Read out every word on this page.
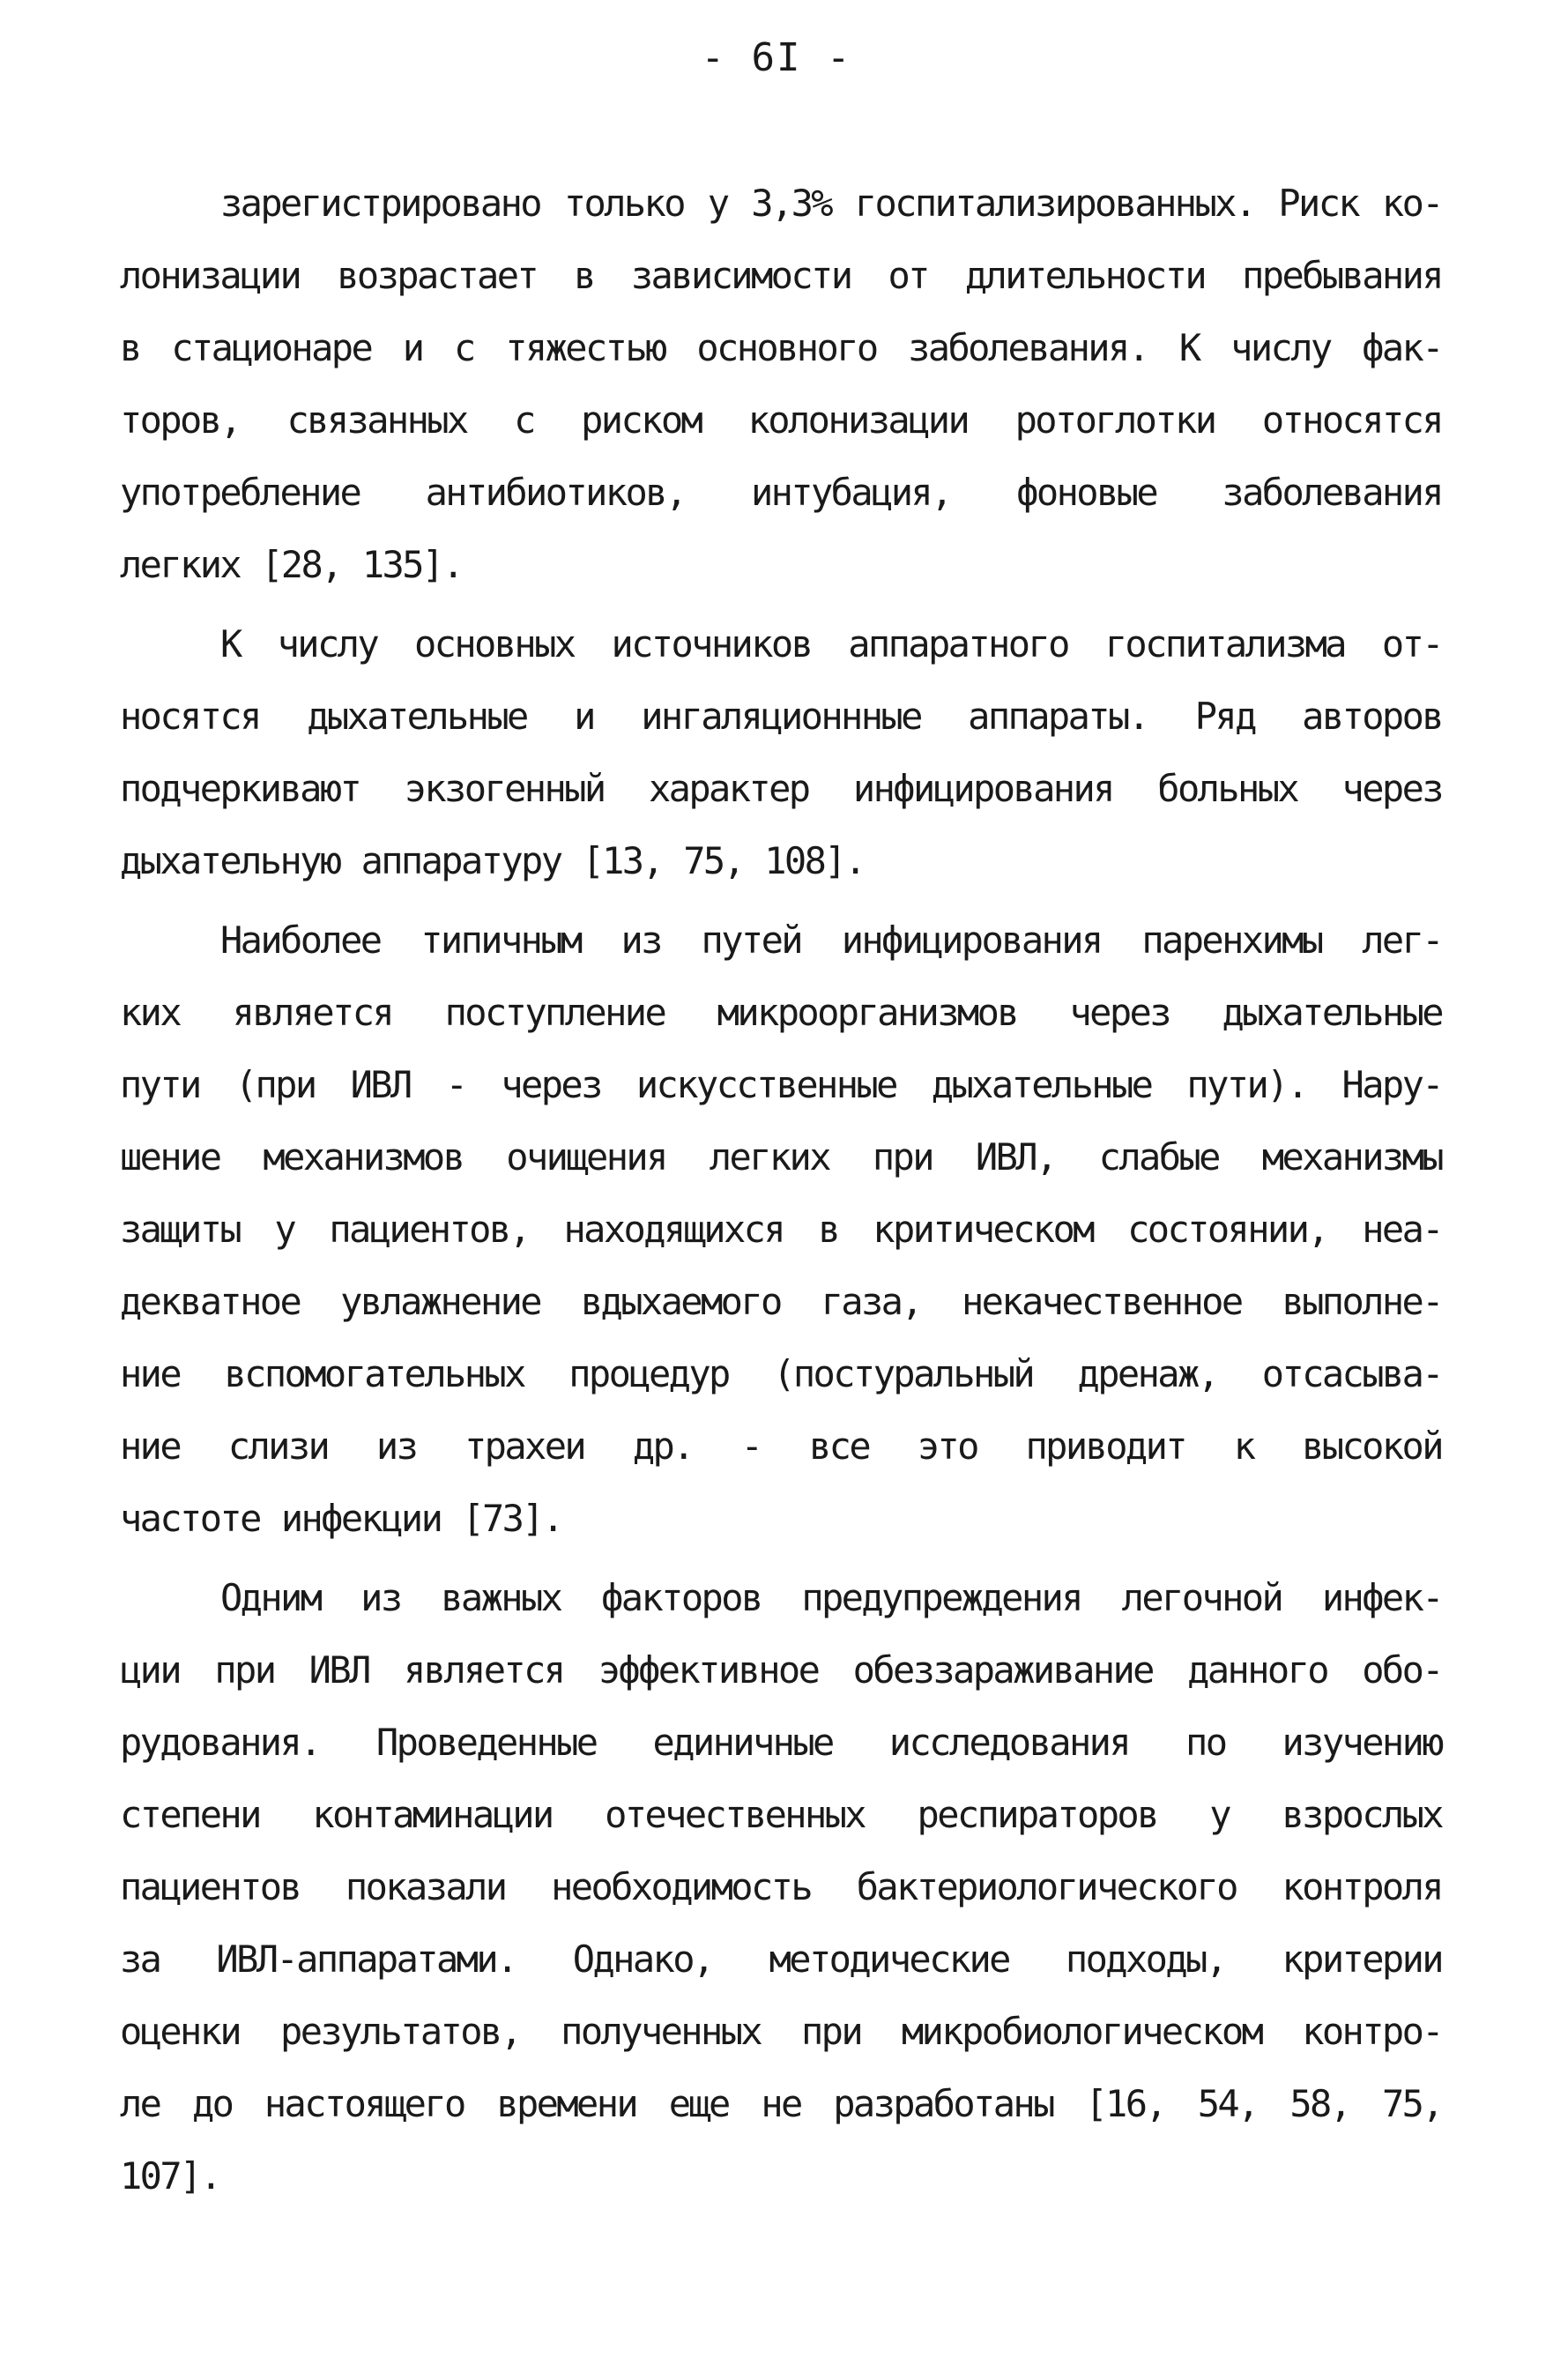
- 6I -
зарегистрировано только у 3,3% госпитализированных. Риск ко-
лонизации возрастает в зависимости от длительности пребывания
в стационаре и с тяжестью основного заболевания. К числу фак-
торов, связанных с риском колонизации ротоглотки относятся
употребление антибиотиков, интубация, фоновые заболевания
легких [28, 135].
К числу основных источников аппаратного госпитализма от-
носятся дыхательные и ингаляционнные аппараты. Ряд авторов
подчеркивают экзогенный характер инфицирования больных через
дыхательную аппаратуру [13, 75, 108].
Наиболее типичным из путей инфицирования паренхимы лег-
ких является поступление микроорганизмов через дыхательные
пути (при ИВЛ - через искусственные дыхательные пути). Нару-
шение механизмов очищения легких при ИВЛ, слабые механизмы
защиты у пациентов, находящихся в критическом состоянии, неа-
декватное увлажнение вдыхаемого газа, некачественное выполне-
ние вспомогательных процедур (постуральный дренаж, отсасыва-
ние слизи из трахеи др. - все это приводит к высокой
частоте инфекции [73].
Одним из важных факторов предупреждения легочной инфек-
ции при ИВЛ является эффективное обеззараживание данного обо-
рудования. Проведенные единичные исследования по изучению
степени контаминации отечественных респираторов у взрослых
пациентов показали необходимость бактериологического контроля
за ИВЛ-аппаратами. Однако, методические подходы, критерии
оценки результатов, полученных при микробиологическом контро-
ле до настоящего времени еще не разработаны [16, 54, 58, 75,
107].
